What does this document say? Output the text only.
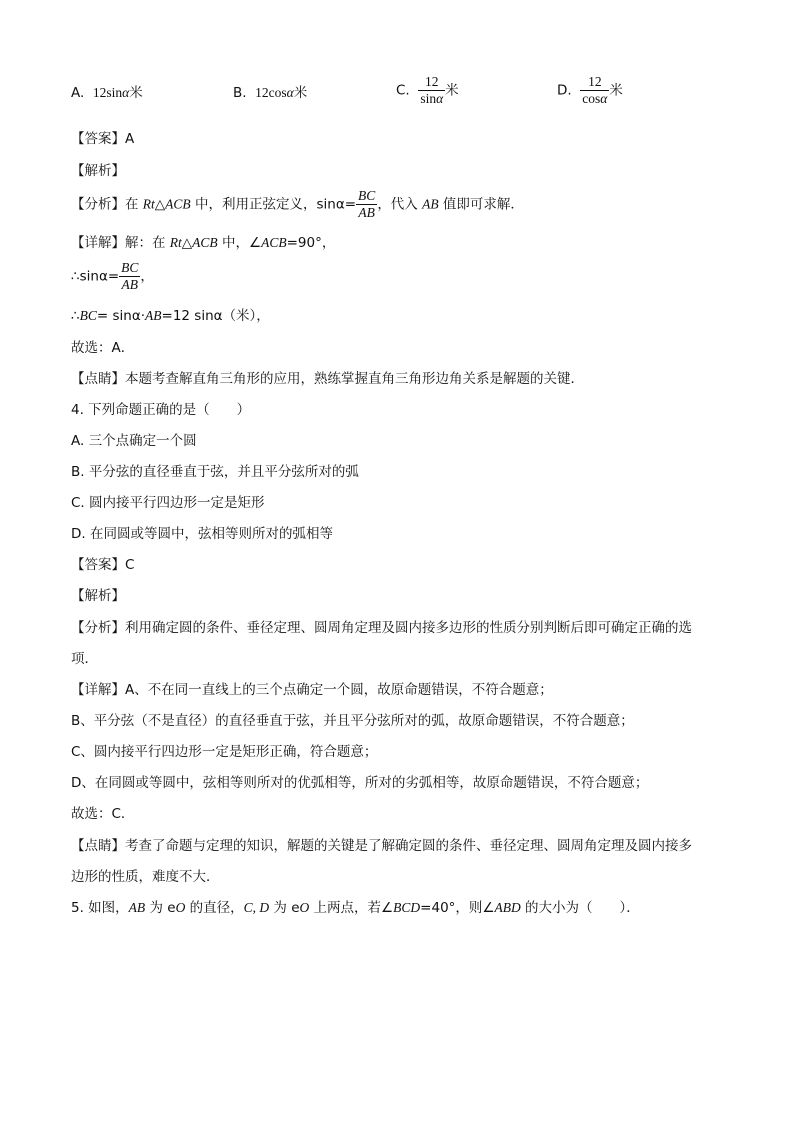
A. 12sinα米	B. 12cosα米	C. $\frac{12}{\sin\alpha}$ 米	D. $\frac{12}{\cos\alpha}$ 米
【答案】A
【解析】
【分析】在 Rt△ACB 中，利用正弦定义，$\sin\alpha= \frac{BC}{AB}$ ，代入 AB 值即可求解．
【详解】解：在 Rt△ACB 中，∠ACB=90°，
∴sinα= $\frac{BC}{AB}$ ，
∴BC= sinα·AB=12 sinα（米），
故选：A．
【点睛】本题考查解直角三角形的应用，熟练掌握直角三角形边角关系是解题的关键．
4. 下列命题正确的是（　　）
A. 三个点确定一个圆
B. 平分弦的直径垂直于弦，并且平分弦所对的弧
C. 圆内接平行四边形一定是矩形
D. 在同圆或等圆中，弦相等则所对的弧相等
【答案】C
【解析】
【分析】利用确定圆的条件、垂径定理、圆周角定理及圆内接多边形的性质分别判断后即可确定正确的选
项．
【详解】A、不在同一直线上的三个点确定一个圆，故原命题错误，不符合题意；
B、平分弦（不是直径）的直径垂直于弦，并且平分弦所对的弧，故原命题错误，不符合题意；
C、圆内接平行四边形一定是矩形正确，符合题意；
D、在同圆或等圆中，弦相等则所对的优弧相等，所对的劣弧相等，故原命题错误，不符合题意；
故选：C．
【点睛】考查了命题与定理的知识，解题的关键是了解确定圆的条件、垂径定理、圆周角定理及圆内接多
边形的性质，难度不大．
5. 如图，AB 为 eO 的直径，C, D 为 eO 上两点，若∠BCD=40°，则∠ABD 的大小为（　　）．
